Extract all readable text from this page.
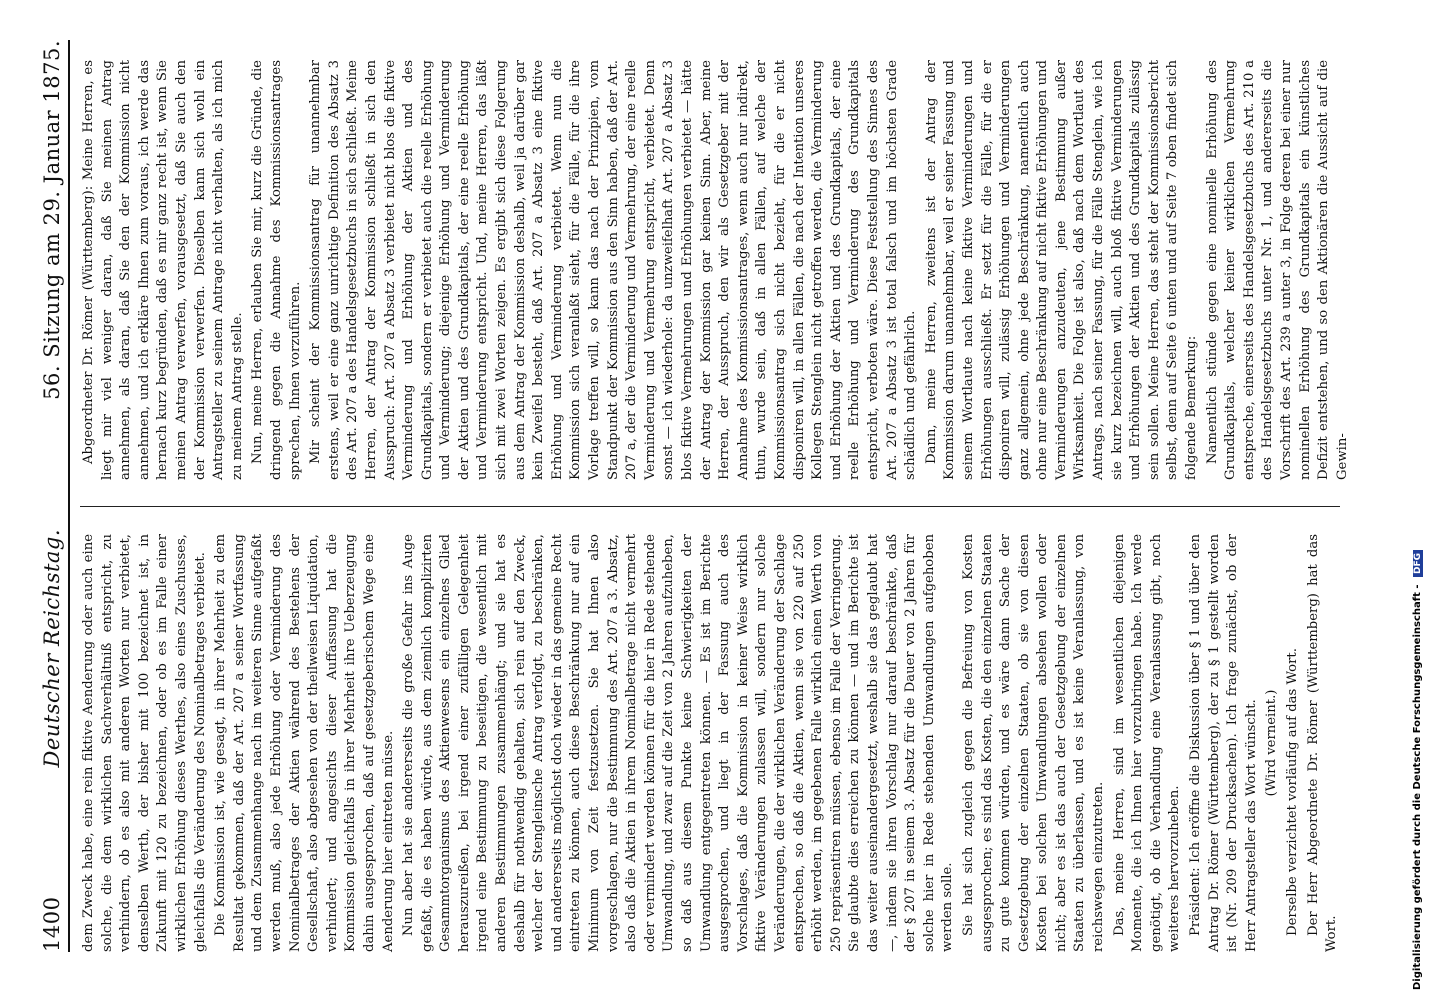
1400
Deutscher Reichstag.
56. Sitzung am 29. Januar 1875.

dem Zweck habe, eine rein fiktive Aenderung oder auch eine solche, die dem wirklichen Sachverhältniß entspricht, zu verhindern, ob es also mit anderen Worten nur verbietet, denselben Werth, der bisher mit 100 bezeichnet ist, in Zukunft mit 120 zu bezeichnen, oder ob es im Falle einer wirklichen Erhöhung dieses Werthes, also eines Zuschusses, gleichfalls die Veränderung des Nominalbetrages verbietet. Die Kommission ist, wie gesagt, in ihrer Mehrheit zu dem Resultat gekommen, daß der Art. 207 a seiner Wortfassung und dem Zusammenhange nach im weiteren Sinne aufgefaßt werden muß, also jede Erhöhung oder Verminderung des Nominalbetrages der Aktien während des Bestehens der Gesellschaft, also abgesehen von der theilweisen Liquidation, verhindert; und angesichts dieser Auffassung hat die Kommission gleichfalls in ihrer Mehrheit ihre Ueberzeugung dahin ausgesprochen, daß auf gesetzgeberischem Wege eine Aenderung hier eintreten müsse. Nun aber hat sie andererseits die große Gefahr ins Auge gefaßt, die es haben würde, aus dem ziemlich komplizirten Gesammtorganismus des Aktienwesens ein einzelnes Glied herauszureißen, bei irgend einer zufälligen Gelegenheit irgend eine Bestimmung zu beseitigen, die wesentlich mit anderen Bestimmungen zusammenhängt; und sie hat es deshalb für nothwendig gehalten, sich rein auf den Zweck, welcher der Stengleinsche Antrag verfolgt, zu beschränken, und andererseits möglichst doch wieder in das gemeine Recht eintreten zu können, auch diese Beschränkung nur auf ein Minimum von Zeit festzusetzen. Sie hat Ihnen also vorgeschlagen, nur die Bestimmung des Art. 207 a 3. Absatz, also daß die Aktien in ihrem Nominalbetrage nicht vermehrt oder vermindert werden können für die hier in Rede stehende Umwandlung, und zwar auf die Zeit von 2 Jahren aufzuheben, so daß aus diesem Punkte keine Schwierigkeiten der Umwandlung entgegentreten können. — Es ist im Berichte ausgesprochen, und liegt in der Fassung auch des Vorschlages, daß die Kommission in keiner Weise wirklich fiktive Veränderungen zulassen will, sondern nur solche Veränderungen, die der wirklichen Veränderung der Sachlage entsprechen, so daß die Aktien, wenn sie von 220 auf 250 erhöht werden, im gegebenen Falle wirklich einen Werth von 250 repräsentiren müssen, ebenso im Falle der Verringerung. Sie glaubte dies erreichen zu können — und im Berichte ist das weiter auseinandergesetzt, weshalb sie das geglaubt hat —, indem sie ihren Vorschlag nur darauf beschränkte, daß der § 207 in seinem 3. Absatz für die Dauer von 2 Jahren für solche hier in Rede stehenden Umwandlungen aufgehoben werden solle. Sie hat sich zugleich gegen die Befreiung von Kosten ausgesprochen; es sind das Kosten, die den einzelnen Staaten zu gute kommen würden, und es wäre dann Sache der Gesetzgebung der einzelnen Staaten, ob sie von diesen Kosten bei solchen Umwandlungen absehen wollen oder nicht; aber es ist das auch der Gesetzgebung der einzelnen Staaten zu überlassen, und es ist keine Veranlassung, von reichswegen einzutreten. Das, meine Herren, sind im wesentlichen diejenigen Momente, die ich Ihnen hier vorzubringen habe. Ich werde genötigt, ob die Verhandlung eine Veranlassung gibt, noch weiteres hervorzuheben. Präsident: Ich eröffne die Diskussion über § 1 und über den Antrag Dr. Römer (Württemberg), der zu § 1 gestellt worden ist (Nr. 209 der Drucksachen). Ich frage zunächst, ob der Herr Antragsteller das Wort wünscht. (Wird verneint.) Derselbe verzichtet vorläufig auf das Wort. Der Herr Abgeordnete Dr. Römer (Württemberg) hat das Wort.

Abgeordneter Dr. Römer (Württemberg): Meine Herren, es liegt mir viel weniger daran, daß Sie meinen Antrag annehmen, als daran, daß Sie den der Kommission nicht annehmen, und ich erkläre Ihnen zum voraus, ich werde das hernach kurz begründen, daß es mir ganz recht ist, wenn Sie meinen Antrag verwerfen, vorausgesetzt, daß Sie auch den der Kommission verwerfen. Dieselben kann sich wohl ein Antragsteller zu seinem Antrage nicht verhalten, als ich mich zu meinem Antrag stelle. Nun, meine Herren, erlauben Sie mir, kurz die Gründe, die dringend gegen die Annahme des Kommissionsantrages sprechen, Ihnen vorzuführen. Mir scheint der Kommissionsantrag für unannehmbar erstens, weil er eine ganz unrichtige Definition des Absatz 3 des Art. 207 a des Handelsgesetzbuchs in sich schließt. Meine Herren, der Antrag der Kommission schließt in sich den Ausspruch: Art. 207 a Absatz 3 verbietet nicht blos die fiktive Verminderung und Erhöhung der Aktien und des Grundkapitals, sondern er verbietet auch die reelle Erhöhung und Verminderung; diejenige Erhöhung und Verminderung der Aktien und des Grundkapitals, der eine reelle Erhöhung und Verminderung entspricht. Und, meine Herren, das läßt sich mit zwei Worten zeigen. Es ergibt sich diese Folgerung aus dem Antrag der Kommission deshalb, weil ja darüber gar kein Zweifel besteht, daß Art. 207 a Absatz 3 eine fiktive Erhöhung und Verminderung verbietet. Wenn nun die Kommission sich veranlaßt sieht, für die Fälle, für die ihre Vorlage treffen will, so kann das nach der Prinzipien, vom Standpunkt der Kommission aus den Sinn haben, daß der Art. 207 a, der die Verminderung und Vermehrung, der eine reelle Verminderung und Vermehrung entspricht, verbietet. Denn sonst — ich wiederhole: da unzweifelhaft Art. 207 a Absatz 3 blos fiktive Vermehrungen und Erhöhungen verbietet — hätte der Antrag der Kommission gar keinen Sinn. Aber, meine Herren, der Ausspruch, den wir als Gesetzgeber mit der Annahme des Kommissionsantrages, wenn auch nur indirekt, thun, wurde sein, daß in allen Fällen, auf welche der Kommissionsantrag sich nicht bezieht, für die er nicht disponiren will, in allen Fällen, die nach der Intention unseres Kollegen Stenglein nicht getroffen werden, die Verminderung und Erhöhung der Aktien und des Grundkapitals, der eine reelle Erhöhung und Verminderung des Grundkapitals entspricht, verboten wäre. Diese Feststellung des Sinnes des Art. 207 a Absatz 3 ist total falsch und im höchsten Grade schädlich und gefährlich. Dann, meine Herren, zweitens ist der Antrag der Kommission darum unannehmbar, weil er seiner Fassung und seinem Wortlaute nach keine fiktive Verminderungen und Erhöhungen ausschließt. Er setzt für die Fälle, für die er disponiren will, zulässig Erhöhungen und Verminderungen ganz allgemein, ohne jede Beschränkung, namentlich auch ohne nur eine Beschränkung auf nicht fiktive Erhöhungen und Verminderungen anzudeuten, jene Bestimmung außer Wirksamkeit. Die Folge ist also, daß nach dem Wortlaut des Antrags, nach seiner Fassung, für die Fälle Stenglein, wie ich sie kurz bezeichnen will, auch bloß fiktive Verminderungen und Erhöhungen der Aktien und des Grundkapitals zulässig sein sollen. Meine Herren, das steht der Kommissionsbericht selbst, denn auf Seite 6 unten und auf Seite 7 oben findet sich folgende Bemerkung: Namentlich stünde gegen eine nominelle Erhöhung des Grundkapitals, welcher keiner wirklichen Vermehrung entspreche, einerseits des Handelsgesetzbuchs des Art. 210 a des Handelsgesetzbuchs unter Nr. 1, und andererseits die Vorschrift des Art. 239 a unter 3, in Folge deren bei einer nur nominellen Erhöhung des Grundkapitals ein künstliches Defizit entstehen, und so den Aktionären die Aussicht auf die Gewin-

Digitalisierung gefördert durch die Deutsche Forschungsgemeinschaft - DFG
